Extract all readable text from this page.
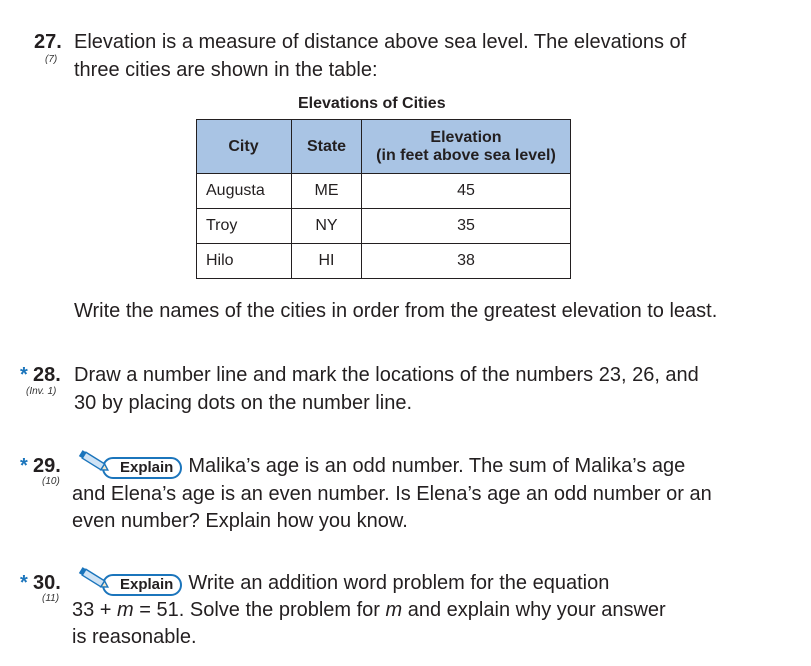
27.
(7)
Elevation is a measure of distance above sea level. The elevations of
three cities are shown in the table:
Elevations of Cities
City	State	Elevation
(in feet above sea level)

Augusta	ME	45
Troy	NY	35
Hilo	HI	38
Write the names of the cities in order from the greatest elevation to least.
* 28.
(Inv. 1)
Draw a number line and mark the locations of the numbers 23, 26, and
30 by placing dots on the number line.
* 29.
(10)
Explain Malika’s age is an odd number. The sum of Malika’s age
and Elena’s age is an even number. Is Elena’s age an odd number or an
even number? Explain how you know.
* 30.
(11)
Explain Write an addition word problem for the equation
33 + m = 51. Solve the problem for m and explain why your answer
is reasonable.
